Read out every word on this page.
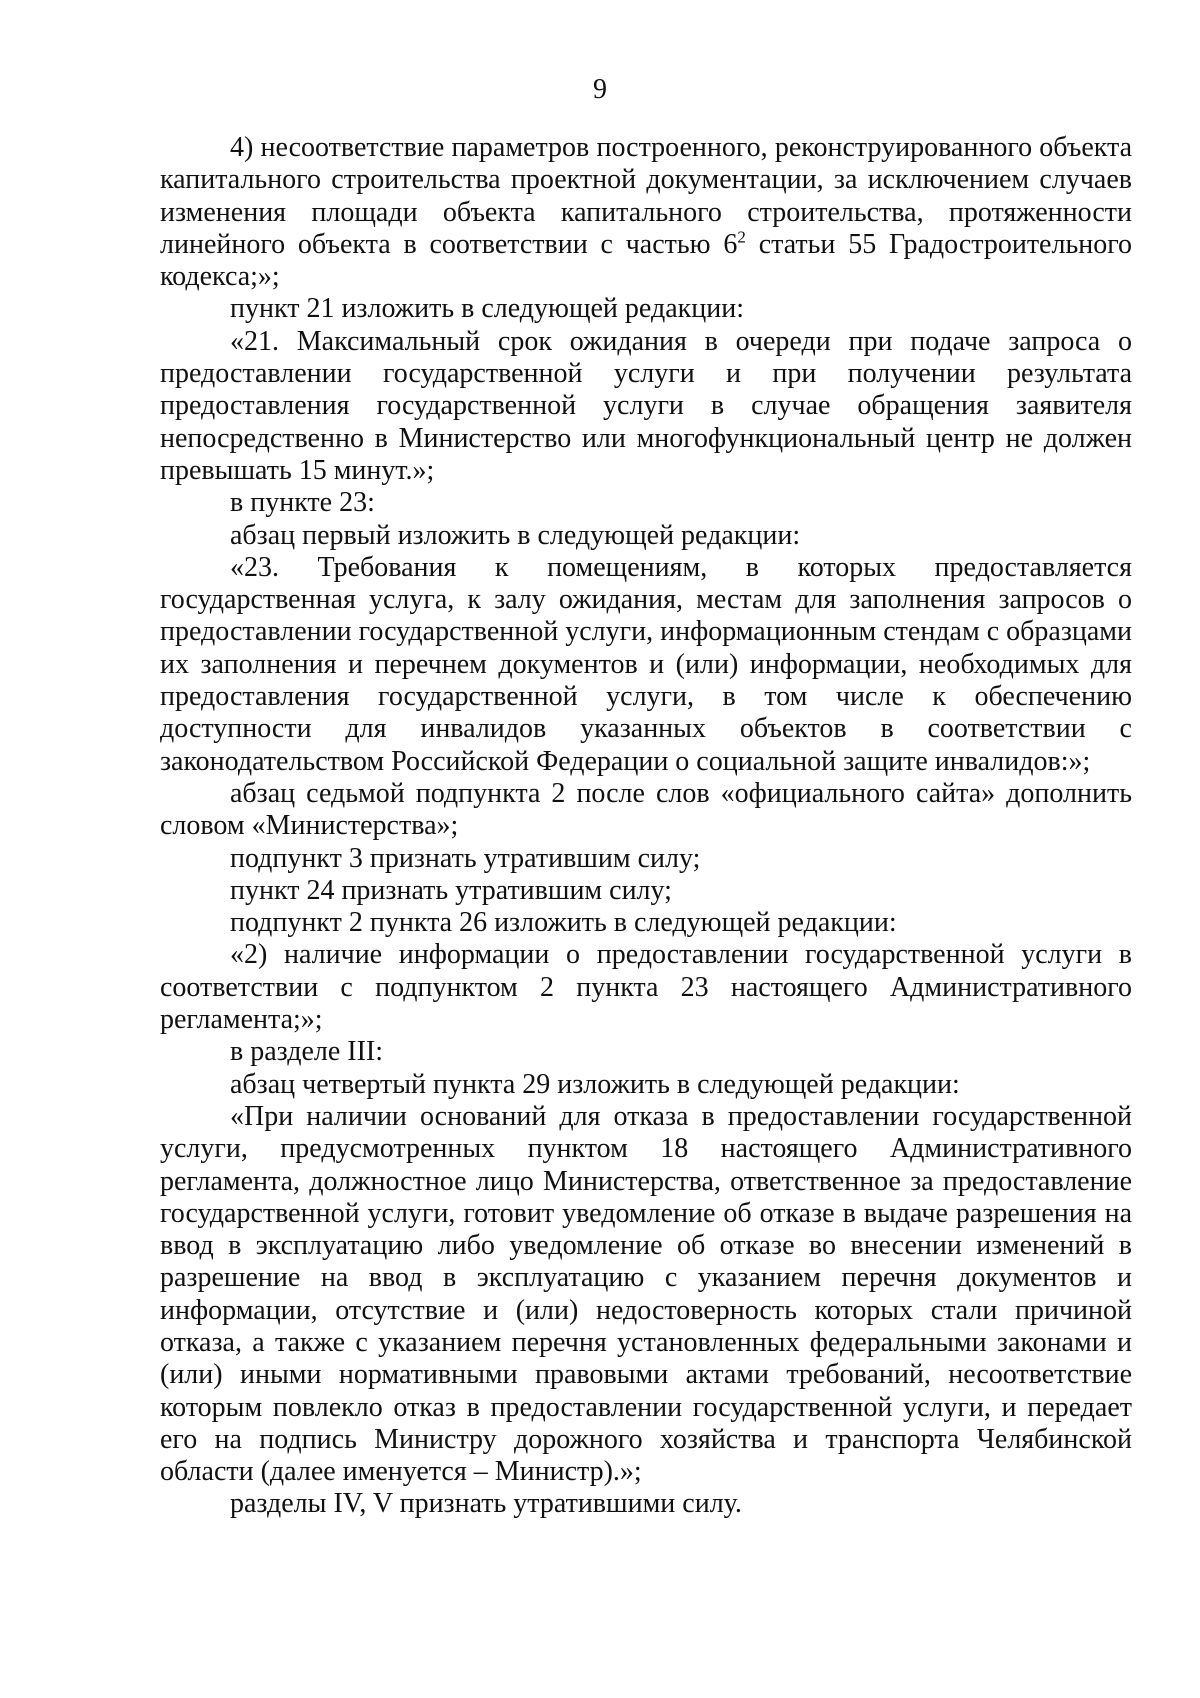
9

4) несоответствие параметров построенного, реконструированного объекта капитального строительства проектной документации, за исключением случаев изменения площади объекта капитального строительства, протяженности линейного объекта в соответствии с частью $6^2$ статьи 55 Градостроительного кодекса;»;

пункт 21 изложить в следующей редакции:

«21. Максимальный срок ожидания в очереди при подаче запроса о предоставлении государственной услуги и при получении результата предоставления государственной услуги в случае обращения заявителя непосредственно в Министерство или многофункциональный центр не должен превышать 15 минут.»;

в пункте 23:

абзац первый изложить в следующей редакции:

«23. Требования к помещениям, в которых предоставляется государственная услуга, к залу ожидания, местам для заполнения запросов о предоставлении государственной услуги, информационным стендам с образцами их заполнения и перечнем документов и (или) информации, необходимых для предоставления государственной услуги, в том числе к обеспечению доступности для инвалидов указанных объектов в соответствии с законодательством Российской Федерации о социальной защите инвалидов:»;

абзац седьмой подпункта 2 после слов «официального сайта» дополнить словом «Министерства»;

подпункт 3 признать утратившим силу;

пункт 24 признать утратившим силу;

подпункт 2 пункта 26 изложить в следующей редакции:

«2) наличие информации о предоставлении государственной услуги в соответствии с подпунктом 2 пункта 23 настоящего Административного регламента;»;

в разделе III:

абзац четвертый пункта 29 изложить в следующей редакции:

«При наличии оснований для отказа в предоставлении государственной услуги, предусмотренных пунктом 18 настоящего Административного регламента, должностное лицо Министерства, ответственное за предоставление государственной услуги, готовит уведомление об отказе в выдаче разрешения на ввод в эксплуатацию либо уведомление об отказе во внесении изменений в разрешение на ввод в эксплуатацию с указанием перечня документов и информации, отсутствие и (или) недостоверность которых стали причиной отказа, а также с указанием перечня установленных федеральными законами и (или) иными нормативными правовыми актами требований, несоответствие которым повлекло отказ в предоставлении государственной услуги, и передает его на подпись Министру дорожного хозяйства и транспорта Челябинской области (далее именуется – Министр).»;

разделы IV, V признать утратившими силу.
